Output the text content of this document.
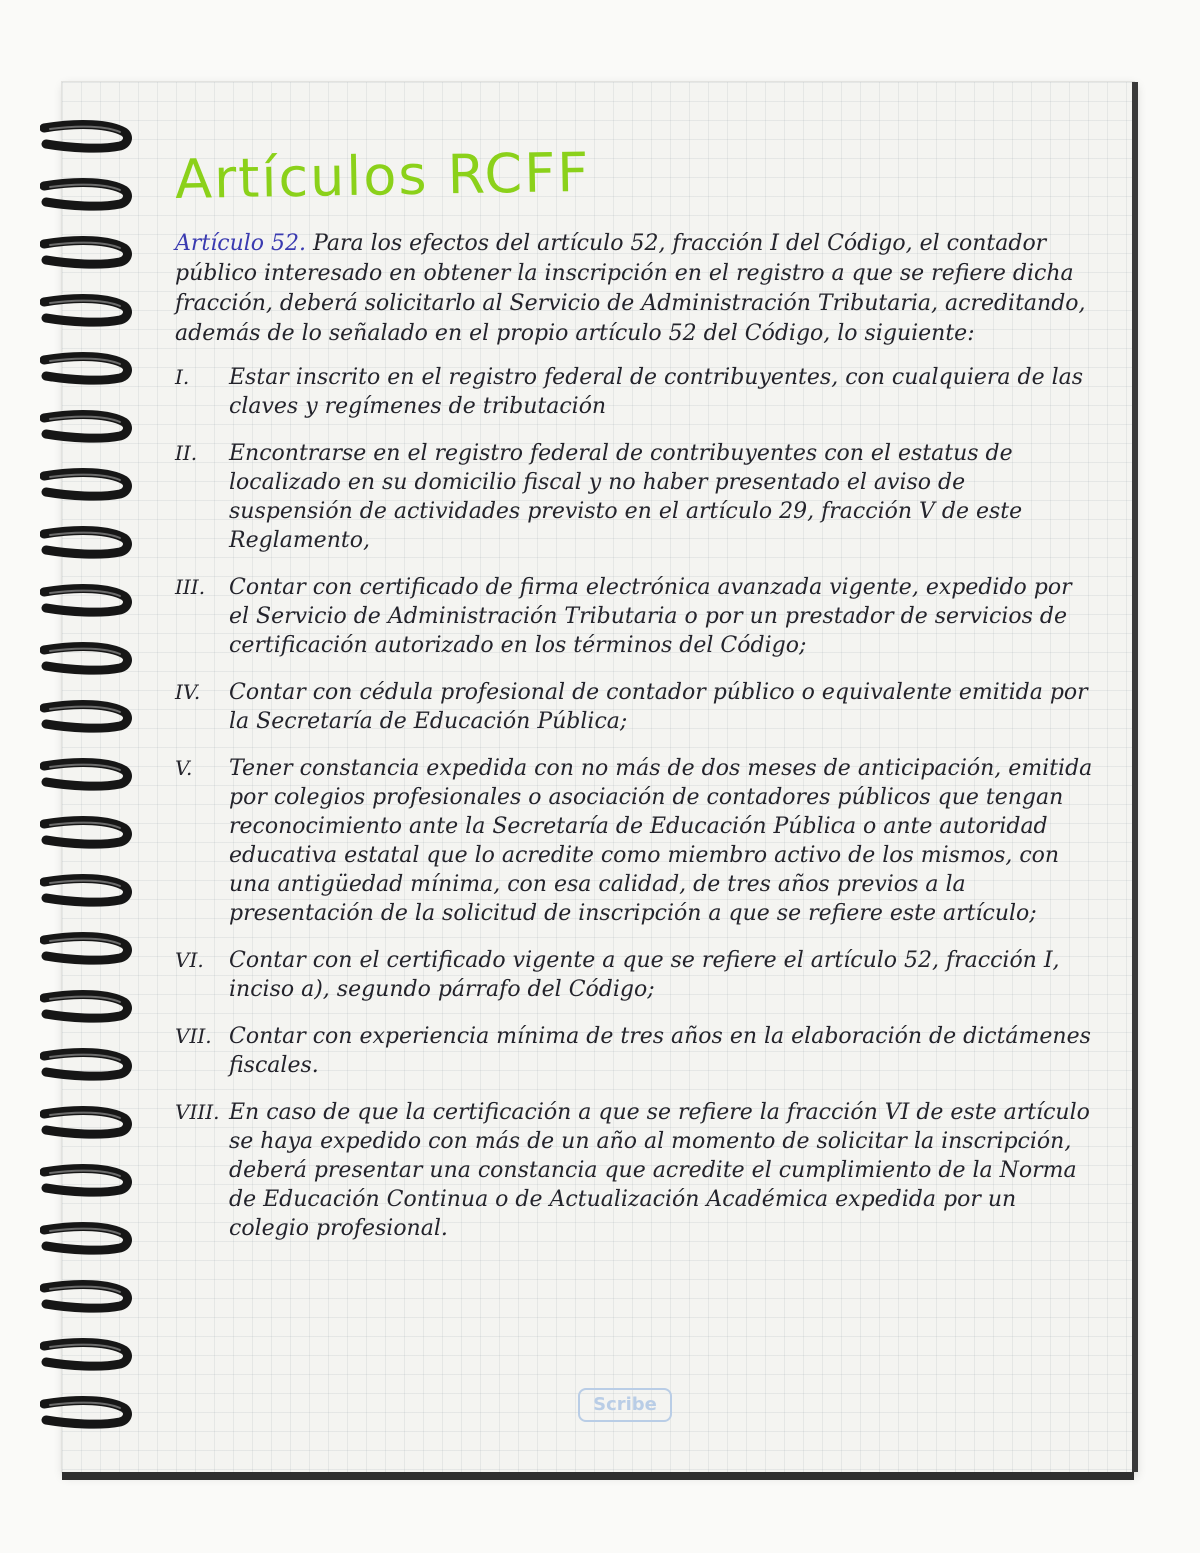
Artículos RCFF

Artículo 52. Para los efectos del artículo 52, fracción I del Código, el contador público interesado en obtener la inscripción en el registro a que se refiere dicha fracción, deberá solicitarlo al Servicio de Administración Tributaria, acreditando, además de lo señalado en el propio artículo 52 del Código, lo siguiente:

I.	Estar inscrito en el registro federal de contribuyentes, con cualquiera de las claves y regímenes de tributación
II.	Encontrarse en el registro federal de contribuyentes con el estatus de localizado en su domicilio fiscal y no haber presentado el aviso de suspensión de actividades previsto en el artículo 29, fracción V de este Reglamento,
III.	Contar con certificado de firma electrónica avanzada vigente, expedido por el Servicio de Administración Tributaria o por un prestador de servicios de certificación autorizado en los términos del Código;
IV.	Contar con cédula profesional de contador público o equivalente emitida por la Secretaría de Educación Pública;
V.	Tener constancia expedida con no más de dos meses de anticipación, emitida por colegios profesionales o asociación de contadores públicos que tengan reconocimiento ante la Secretaría de Educación Pública o ante autoridad educativa estatal que lo acredite como miembro activo de los mismos, con una antigüedad mínima, con esa calidad, de tres años previos a la presentación de la solicitud de inscripción a que se refiere este artículo;
VI.	Contar con el certificado vigente a que se refiere el artículo 52, fracción I, inciso a), segundo párrafo del Código;
VII. Contar con experiencia mínima de tres años en la elaboración de dictámenes fiscales.
VIII. En caso de que la certificación a que se refiere la fracción VI de este artículo se haya expedido con más de un año al momento de solicitar la inscripción, deberá presentar una constancia que acredite el cumplimiento de la Norma de Educación Continua o de Actualización Académica expedida por un colegio profesional.
Scribe
